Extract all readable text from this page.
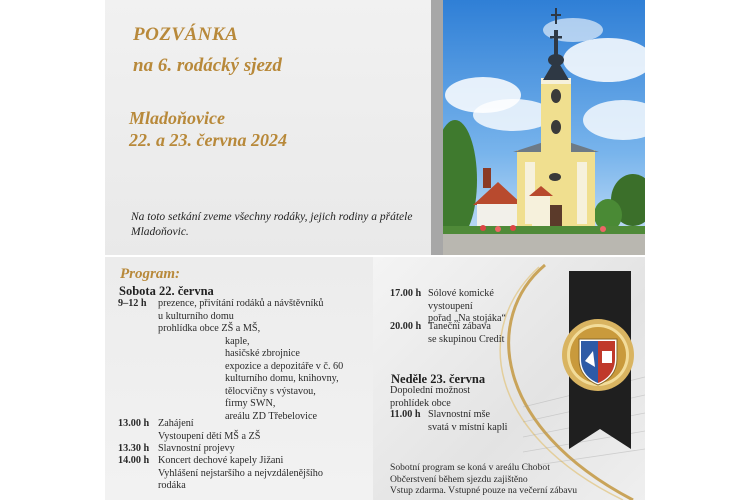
POZVÁNKA
na 6. rodácký sjezd
Mladoňovice
22. a 23. června 2024
Na toto setkání zveme všechny rodáky, jejich rodiny a přátele Mladoňovic.
Program:
Sobota 22. června
9–12 h prezence, přivítání rodáků a návštěvníků
u kulturního domu
prohlídka obce ZŠ a MŠ,
kaple,
hasičské zbrojnice
expozice a depozitáře v č. 60
kulturního domu, knihovny,
tělocvičny s výstavou,
firmy SWN,
areálu ZD Třebelovice
13.00 h Zahájení
Vystoupení dětí MŠ a ZŠ
13.30 h Slavnostní projevy
14.00 h Koncert dechové kapely Jižani
Vyhlášení nejstaršího a nejvzdálenějšího
rodáka
17.00 h Sólové komické
vystoupení
pořad „Na stojáka“
20.00 h Taneční zábava
se skupinou Credit
Neděle 23. června
Dopolední možnost
prohlídek obce
11.00 h Slavnostní mše
svatá v místní kapli
Sobotní program se koná v areálu Chobot
Občerstvení během sjezdu zajištěno
Vstup zdarma. Vstupné pouze na večerní zábavu
